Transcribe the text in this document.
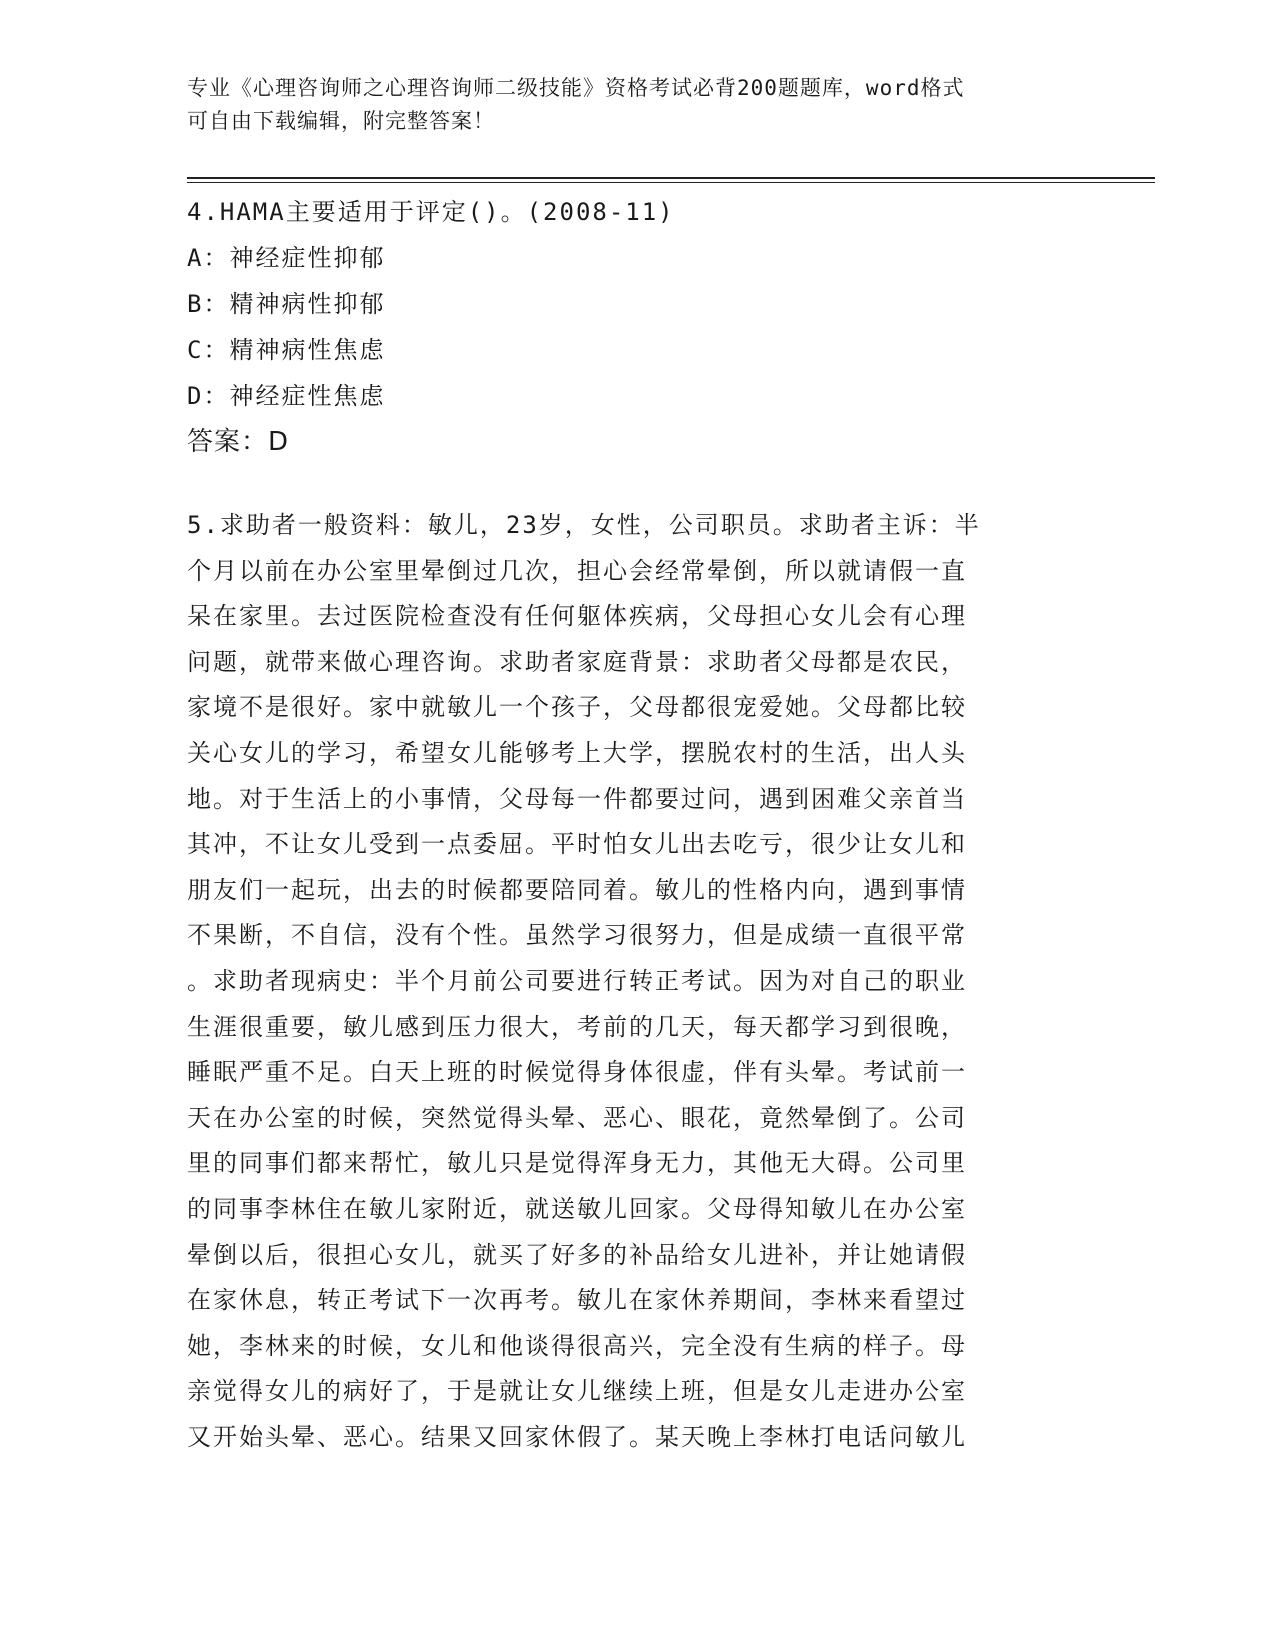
专业《心理咨询师之心理咨询师二级技能》资格考试必背200题题库，word格式
可自由下载编辑，附完整答案！
4.HAMA主要适用于评定()。(2008-11)
A：神经症性抑郁
B：精神病性抑郁
C：精神病性焦虑
D：神经症性焦虑
答案：D
5.求助者一般资料：敏儿，23岁，女性，公司职员。求助者主诉：半
个月以前在办公室里晕倒过几次，担心会经常晕倒，所以就请假一直
呆在家里。去过医院检查没有任何躯体疾病，父母担心女儿会有心理
问题，就带来做心理咨询。求助者家庭背景：求助者父母都是农民，
家境不是很好。家中就敏儿一个孩子，父母都很宠爱她。父母都比较
关心女儿的学习，希望女儿能够考上大学，摆脱农村的生活，出人头
地。对于生活上的小事情，父母每一件都要过问，遇到困难父亲首当
其冲，不让女儿受到一点委屈。平时怕女儿出去吃亏，很少让女儿和
朋友们一起玩，出去的时候都要陪同着。敏儿的性格内向，遇到事情
不果断，不自信，没有个性。虽然学习很努力，但是成绩一直很平常
。求助者现病史：半个月前公司要进行转正考试。因为对自己的职业
生涯很重要，敏儿感到压力很大，考前的几天，每天都学习到很晚，
睡眠严重不足。白天上班的时候觉得身体很虚，伴有头晕。考试前一
天在办公室的时候，突然觉得头晕、恶心、眼花，竟然晕倒了。公司
里的同事们都来帮忙，敏儿只是觉得浑身无力，其他无大碍。公司里
的同事李林住在敏儿家附近，就送敏儿回家。父母得知敏儿在办公室
晕倒以后，很担心女儿，就买了好多的补品给女儿进补，并让她请假
在家休息，转正考试下一次再考。敏儿在家休养期间，李林来看望过
她，李林来的时候，女儿和他谈得很高兴，完全没有生病的样子。母
亲觉得女儿的病好了，于是就让女儿继续上班，但是女儿走进办公室
又开始头晕、恶心。结果又回家休假了。某天晚上李林打电话问敏儿
